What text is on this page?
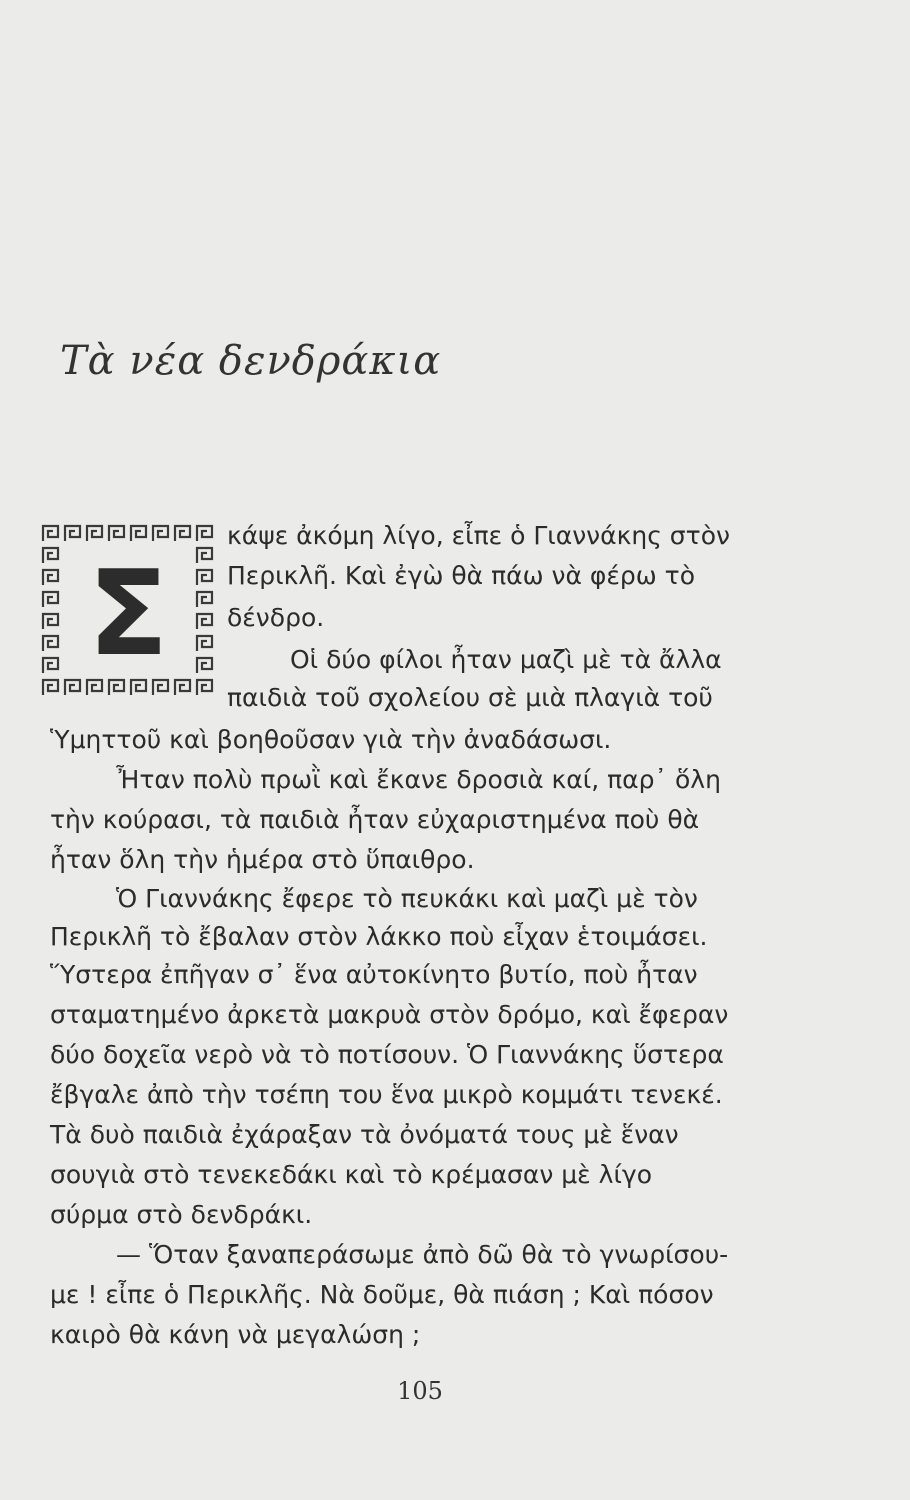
Τὰ νέα δενδράκια
Σ

κάψε ἀκόμη λίγο, εἶπε ὁ Γιαννάκης στὸν

Περικλῆ. Καὶ ἐγὼ θὰ πάω νὰ φέρω τὸ

δένδρο.

Οἱ δύο φίλοι ἦταν μαζὶ μὲ τὰ ἄλλα

παιδιὰ τοῦ σχολείου σὲ μιὰ πλαγιὰ τοῦ

Ὑμηττοῦ καὶ βοηθοῦσαν γιὰ τὴν ἀναδάσωσι.

Ἦταν πολὺ πρωῒ καὶ ἔκανε δροσιὰ καί, παρ᾿ ὅλη

τὴν κούρασι, τὰ παιδιὰ ἦταν εὐχαριστημένα ποὺ θὰ

ἦταν ὅλη τὴν ἡμέρα στὸ ὕπαιθρο.

Ὁ Γιαννάκης ἔφερε τὸ πευκάκι καὶ μαζὶ μὲ τὸν

Περικλῆ τὸ ἔβαλαν στὸν λάκκο ποὺ εἶχαν ἑτοιμάσει.

Ὕστερα ἐπῆγαν σ᾿ ἕνα αὐτοκίνητο βυτίο, ποὺ ἦταν

σταματημένο ἀρκετὰ μακρυὰ στὸν δρόμο, καὶ ἔφεραν

δύο δοχεῖα νερὸ νὰ τὸ ποτίσουν. Ὁ Γιαννάκης ὕστερα

ἔβγαλε ἀπὸ τὴν τσέπη του ἕνα μικρὸ κομμάτι τενεκέ.

Τὰ δυὸ παιδιὰ ἐχάραξαν τὰ ὀνόματά τους μὲ ἕναν

σουγιὰ στὸ τενεκεδάκι καὶ τὸ κρέμασαν μὲ λίγο

σύρμα στὸ δενδράκι.

— Ὅταν ξαναπεράσωμε ἀπὸ δῶ θὰ τὸ γνωρίσου-

με ! εἶπε ὁ Περικλῆς. Νὰ δοῦμε, θὰ πιάση ; Καὶ πόσον

καιρὸ θὰ κάνη νὰ μεγαλώση ;

105
